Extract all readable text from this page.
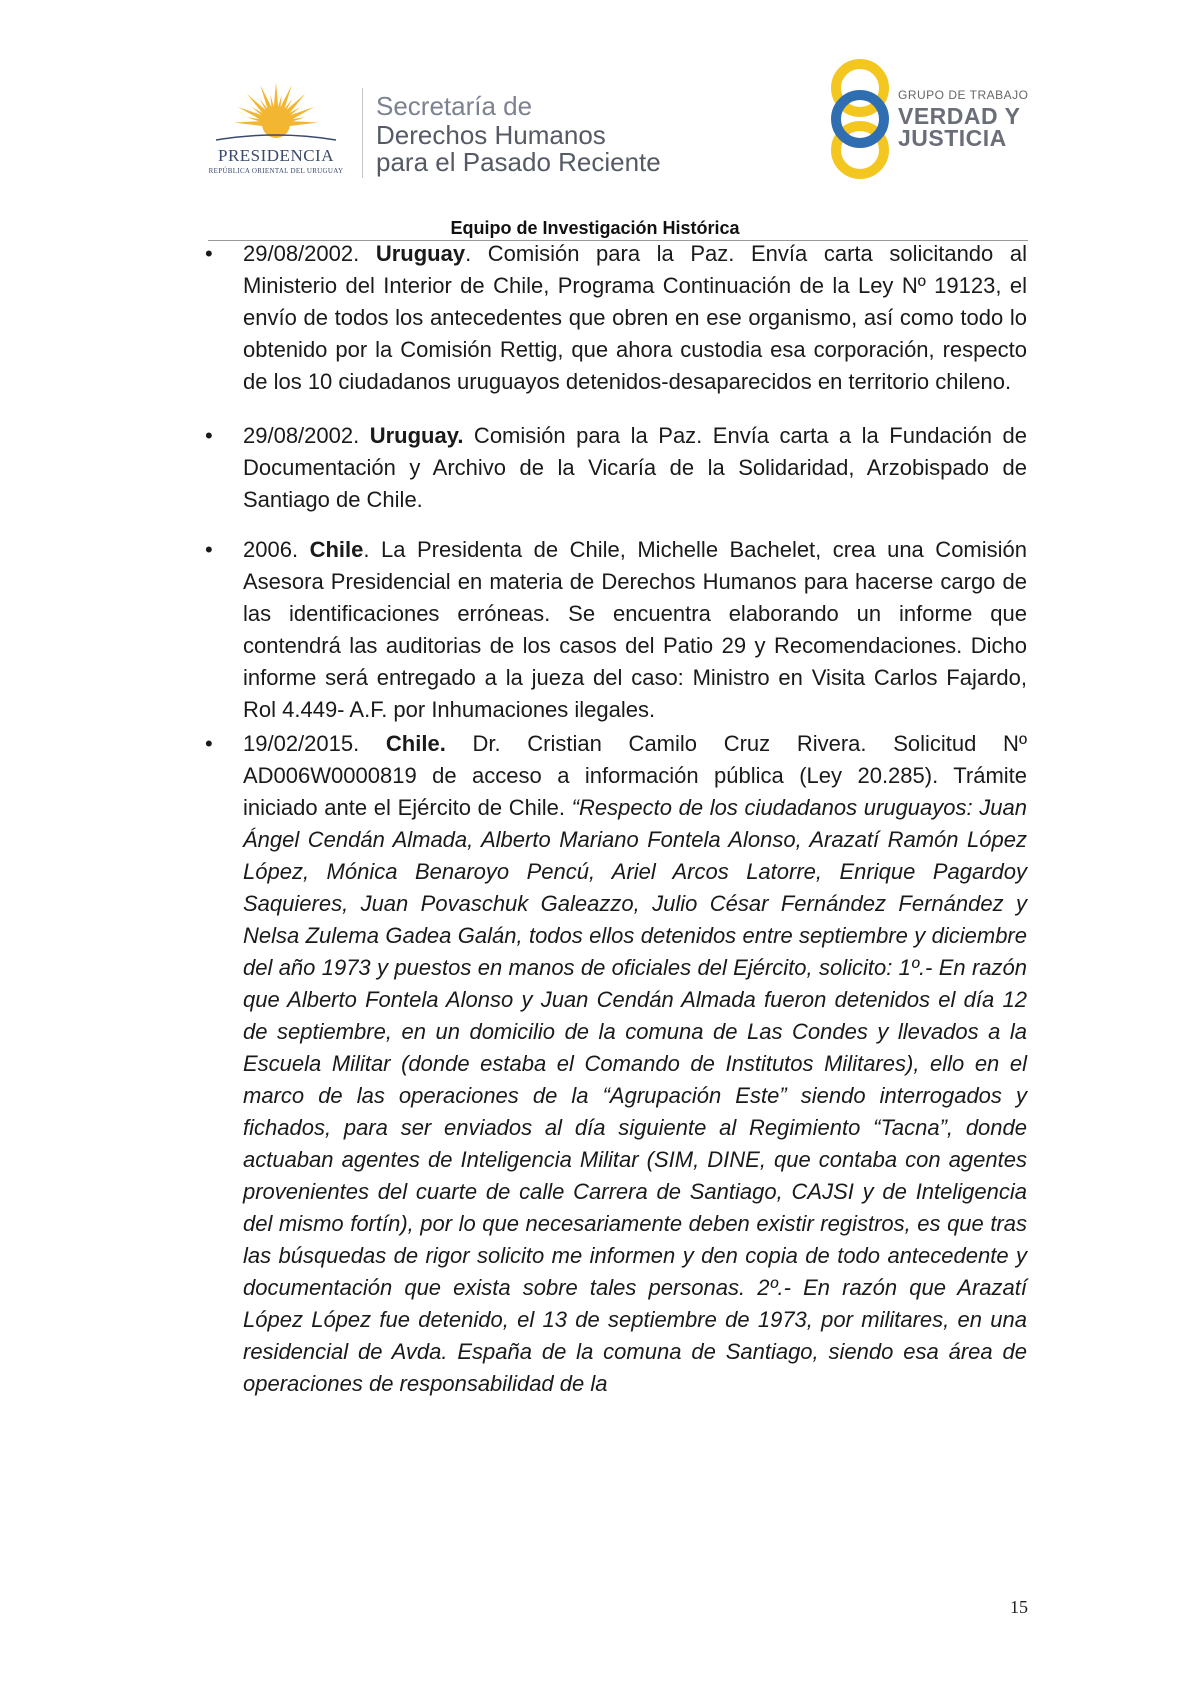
PRESIDENCIA
REPÚBLICA ORIENTAL DEL URUGUAY
Secretaría de
Derechos Humanos
para el Pasado Reciente
GRUPO DE TRABAJO
VERDAD Y
JUSTICIA
Equipo de Investigación Histórica
•	29/08/2002. Uruguay. Comisión para la Paz. Envía carta solicitando al Ministerio del Interior de Chile, Programa Continuación de la Ley Nº 19123, el envío de todos los antecedentes que obren en ese organismo, así como todo lo obtenido por la Comisión Rettig, que ahora custodia esa corporación, respecto de los 10 ciudadanos uruguayos detenidos-desaparecidos en territorio chileno.
•	29/08/2002. Uruguay. Comisión para la Paz. Envía carta a la Fundación de Documentación y Archivo de la Vicaría de la Solidaridad, Arzobispado de Santiago de Chile.
•	2006. Chile. La Presidenta de Chile, Michelle Bachelet, crea una Comisión Asesora Presidencial en materia de Derechos Humanos para hacerse cargo de las identificaciones erróneas. Se encuentra elaborando un informe que contendrá las auditorias de los casos del Patio 29 y Recomendaciones. Dicho informe será entregado a la jueza del caso: Ministro en Visita Carlos Fajardo, Rol 4.449- A.F. por Inhumaciones ilegales.
•	19/02/2015. Chile. Dr. Cristian Camilo Cruz Rivera. Solicitud Nº AD006W0000819 de acceso a información pública (Ley 20.285). Trámite iniciado ante el Ejército de Chile. “Respecto de los ciudadanos uruguayos: Juan Ángel Cendán Almada, Alberto Mariano Fontela Alonso, Arazatí Ramón López López, Mónica Benaroyo Pencú, Ariel Arcos Latorre, Enrique Pagardoy Saquieres, Juan Povaschuk Galeazzo, Julio César Fernández Fernández y Nelsa Zulema Gadea Galán, todos ellos detenidos entre septiembre y diciembre del año 1973 y puestos en manos de oficiales del Ejército, solicito: 1º.- En razón que Alberto Fontela Alonso y Juan Cendán Almada fueron detenidos el día 12 de septiembre, en un domicilio de la comuna de Las Condes y llevados a la Escuela Militar (donde estaba el Comando de Institutos Militares), ello en el marco de las operaciones de la “Agrupación Este” siendo interrogados y fichados, para ser enviados al día siguiente al Regimiento “Tacna”, donde actuaban agentes de Inteligencia Militar (SIM, DINE, que contaba con agentes provenientes del cuarte de calle Carrera de Santiago, CAJSI y de Inteligencia del mismo fortín), por lo que necesariamente deben existir registros, es que tras las búsquedas de rigor solicito me informen y den copia de todo antecedente y documentación que exista sobre tales personas. 2º.- En razón que Arazatí López López fue detenido, el 13 de septiembre de 1973, por militares, en una residencial de Avda. España de la comuna de Santiago, siendo esa área de operaciones de responsabilidad de la
15
